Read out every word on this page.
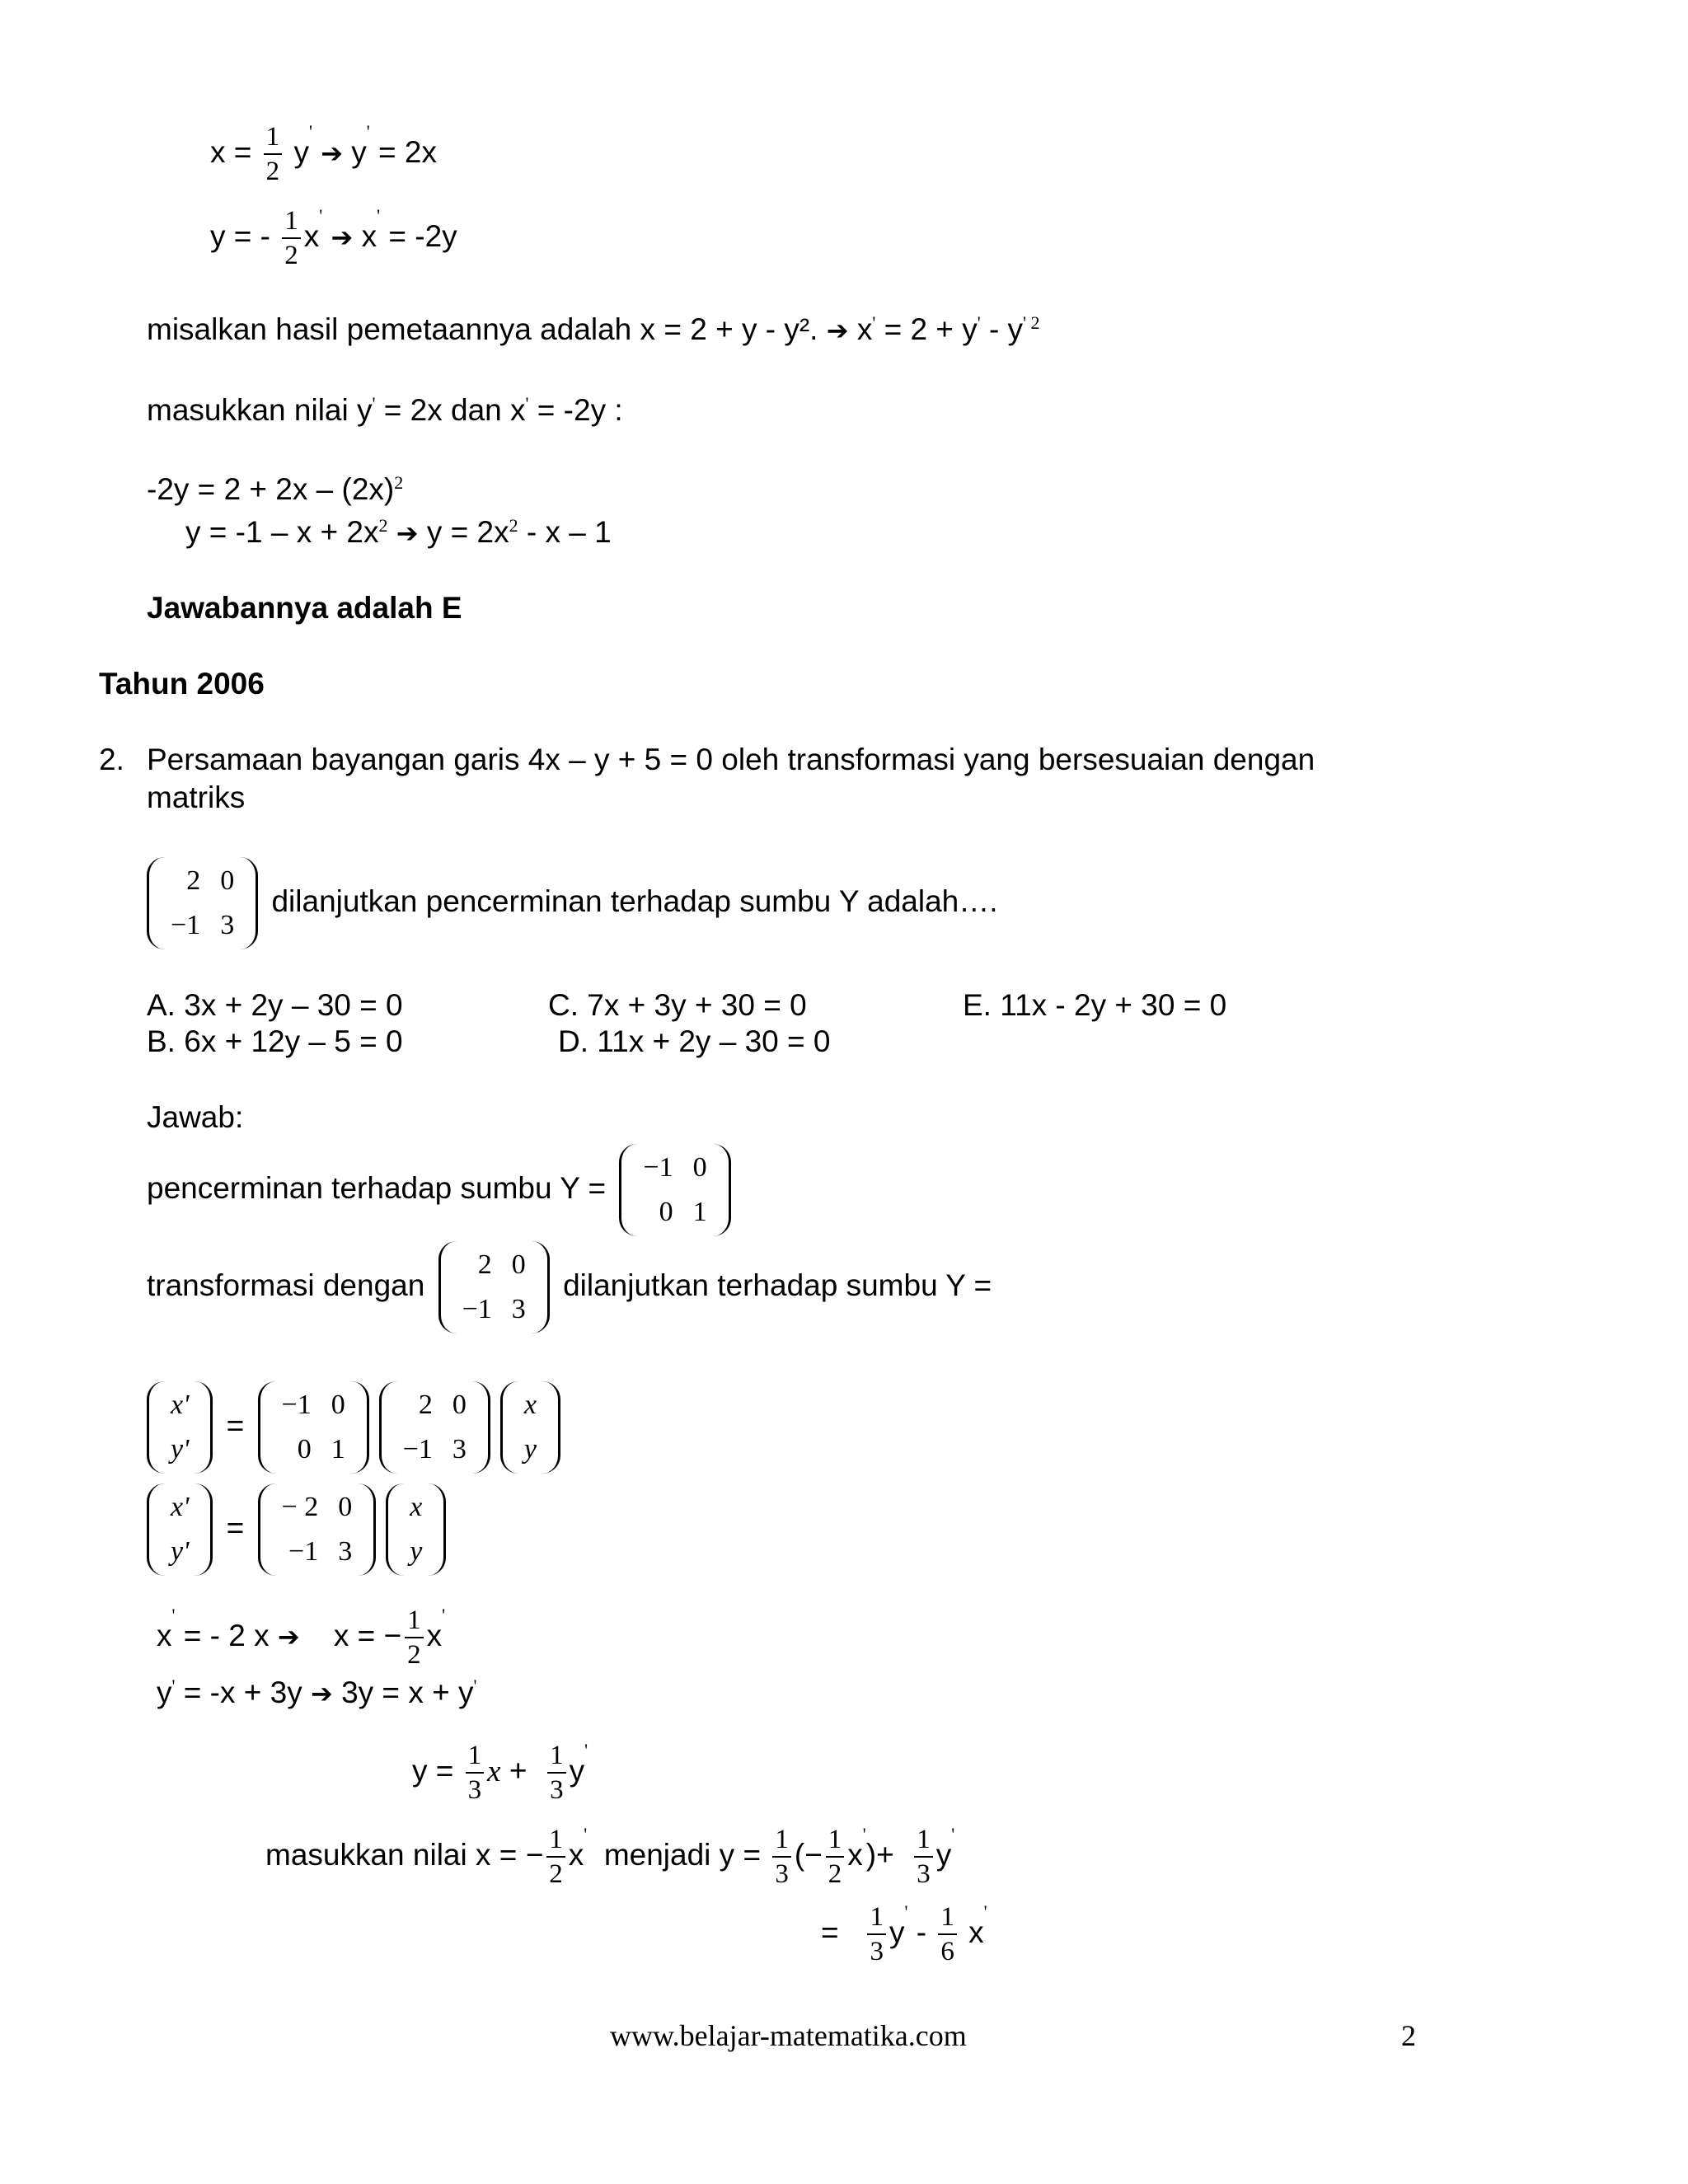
$x = \frac{1}{2} y'$ ➔ y' = 2x
y = - $\frac{1}{2} x'$ ➔ x' = -2y
misalkan hasil pemetaannya adalah x = 2 + y - y². ➔ $x' = 2 + y' - y^{' 2}$
masukkan nilai y' = 2x dan x' = -2y :
$-2y = 2 + 2x - (2x)^2$
$y = -1 - x + 2x^2$ ➔ $y = 2x^2 - x - 1$
Jawabannya adalah E
Tahun 2006
2. Persamaan bayangan garis 4x – y + 5 = 0 oleh transformasi yang bersesuaian dengan
matriks
2	0
−1	3
dilanjutkan pencerminan terhadap sumbu Y adalah….
A. 3x + 2y – 30 = 0
B. 6x + 12y – 5 = 0
C. 7x + 3y + 30 = 0
D. 11x + 2y – 30 = 0
E. 11x - 2y + 30 = 0
Jawab:
pencerminan terhadap sumbu Y =
−1	0
0	1
transformasi dengan
2	0
−1	3
dilanjutkan terhadap sumbu Y =
x'
y'
=
−1	0
0	1
2	0
−1	3
x
y
x'
y'
=
− 2	0
−1	3
x
y
x' = - 2 x ➔ x = − $\frac{1}{2} x'$
y' = -x + 3y ➔ 3y = x + y'
$y = \frac{1}{3}$ $x + \frac{1}{3} y'$
masukkan nilai x = − $\frac{1}{2} x'$  menjadi $y = \frac{1}{3}$ (− $\frac{1}{2} x')+ \frac{1}{3} y'$
= $\frac{1}{3} y' - \frac{1}{6} x'$
www.belajar-matematika.com	2
